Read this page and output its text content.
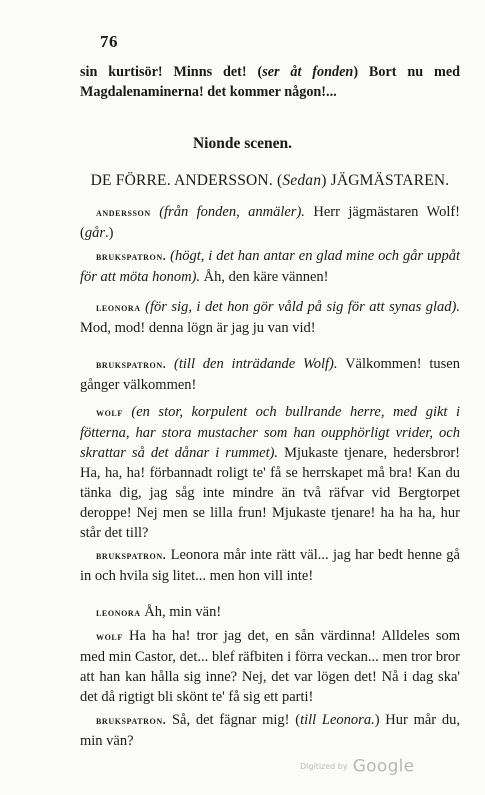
76
sin kurtisör! Minns det! (ser åt fonden) Bort nu med Magdalenaminerna! det kommer någon!...
Nionde scenen.
DE FÖRRE. ANDERSSON. (Sedan) JÄGMÄSTAREN.
andersson (från fonden, anmäler). Herr jägmästaren Wolf! (går.)
brukspatron. (högt, i det han antar en glad mine och går uppåt för att möta honom). Åh, den käre vännen!
leonora (för sig, i det hon gör våld på sig för att synas glad). Mod, mod! denna lögn är jag ju van vid!
brukspatron. (till den inträdande Wolf). Välkommen! tusen gånger välkommen!
wolf (en stor, korpulent och bullrande herre, med gikt i fötterna, har stora mustacher som han oupphörligt vrider, och skrattar så det dånar i rummet). Mjukaste tjenare, hedersbror! Ha, ha, ha! förbannadt roligt te' få se herrskapet må bra! Kan du tänka dig, jag såg inte mindre än två räfvar vid Bergtorpet deroppe! Nej men se lilla frun! Mjukaste tjenare! ha ha ha, hur står det till?
brukspatron. Leonora mår inte rätt väl... jag har bedt henne gå in och hvila sig litet... men hon vill inte!
leonora Åh, min vän!
wolf Ha ha ha! tror jag det, en sån värdinna! Alldeles som med min Castor, det... blef räfbiten i förra veckan... men tror bror att han kan hålla sig inne? Nej, det var lögen det! Nå i dag ska' det då rigtigt bli skönt te' få sig ett parti!
brukspatron. Så, det fägnar mig! (till Leonora.) Hur mår du, min vän?
Digitized by Google
